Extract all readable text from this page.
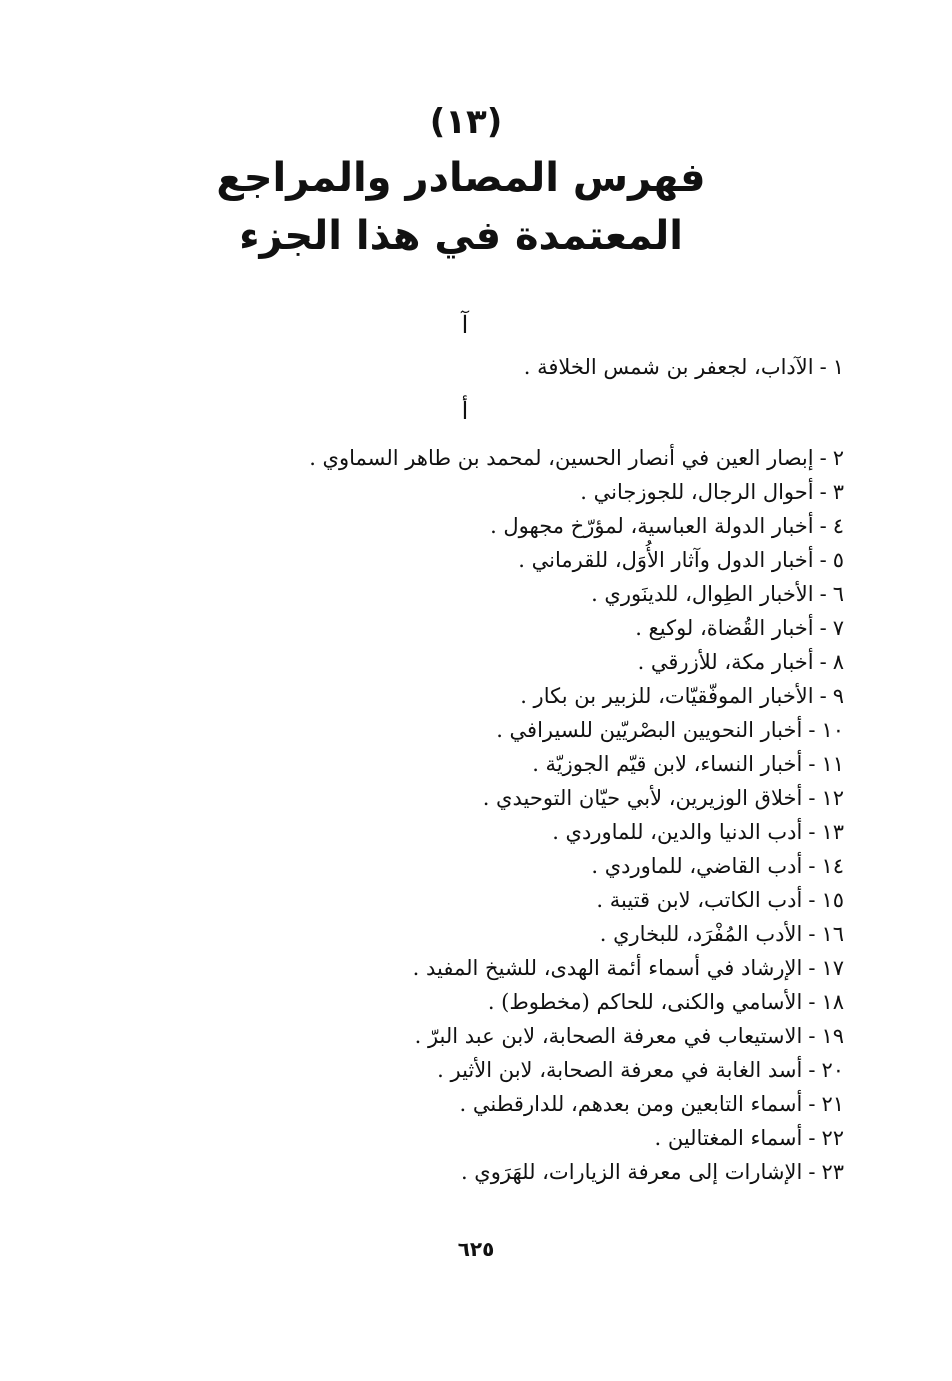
(١٣)
فهرس المصادر والمراجع
المعتمدة في هذا الجزء
آ
١-الآداب، لجعفر بن شمس الخلافة .
أ
٢-إبصار العين في أنصار الحسين، لمحمد بن طاهر السماوي .
٣-أحوال الرجال، للجوزجاني .
٤-أخبار الدولة العباسية، لمؤرّخ مجهول .
٥-أخبار الدول وآثار الأُوَل، للقرماني .
٦-الأخبار الطِوال، للدينَوري .
٧-أخبار القُضاة، لوكيع .
٨-أخبار مكة، للأزرقي .
٩-الأخبار الموفّقيّات، للزبير بن بكار .
١٠-أخبار النحويين البصْريّين للسيرافي .
١١-أخبار النساء، لابن قيّم الجوزيّة .
١٢-أخلاق الوزيرين، لأبي حيّان التوحيدي .
١٣-أدب الدنيا والدين، للماوردي .
١٤-أدب القاضي، للماوردي .
١٥-أدب الكاتب، لابن قتيبة .
١٦-الأدب المُفْرَد، للبخاري .
١٧-الإرشاد في أسماء أئمة الهدى، للشيخ المفيد .
١٨-الأسامي والكنى، للحاكم (مخطوط) .
١٩-الاستيعاب في معرفة الصحابة، لابن عبد البرّ .
٢٠-أسد الغابة في معرفة الصحابة، لابن الأثير .
٢١-أسماء التابعين ومن بعدهم، للدارقطني .
٢٢-أسماء المغتالين .
٢٣-الإشارات إلى معرفة الزيارات، للهَرَوي .
٦٢٥
